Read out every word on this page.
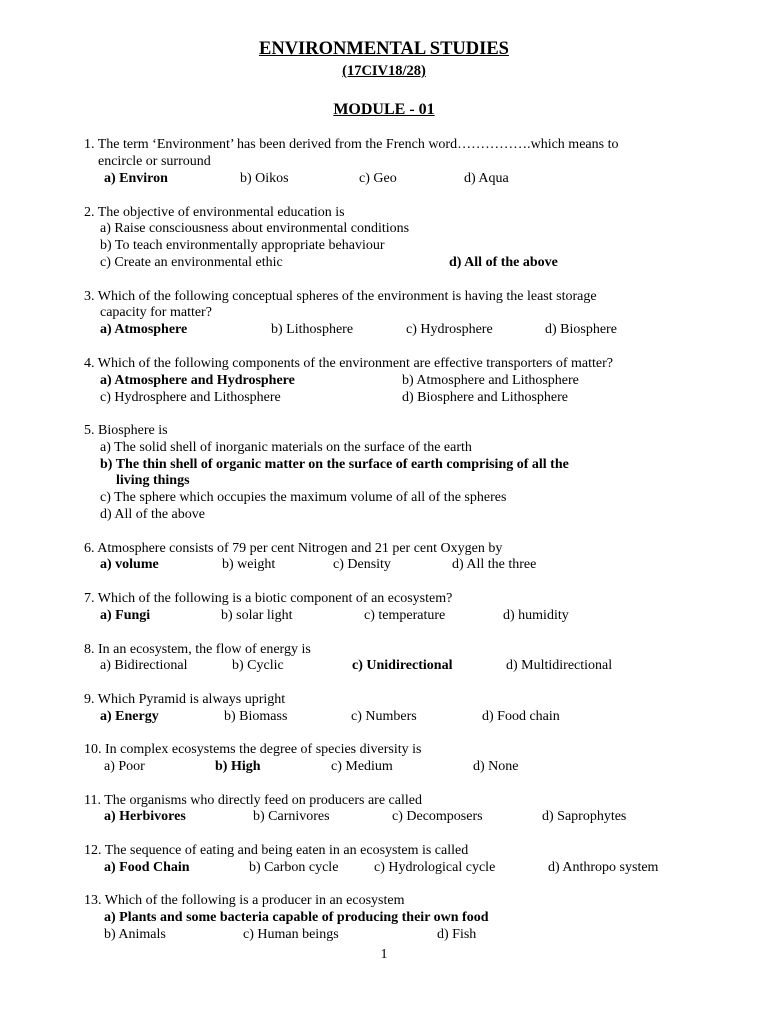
ENVIRONMENTAL STUDIES
(17CIV18/28)
MODULE - 01
1. The term ‘Environment’ has been derived from the French word…………….which means to
encircle or surround
a) Environ	b) Oikos	c) Geo	d) Aqua
2. The objective of environmental education is
a) Raise consciousness about environmental conditions
b) To teach environmentally appropriate behaviour
c) Create an environmental ethic	d) All of the above
3. Which of the following conceptual spheres of the environment is having the least storage
capacity for matter?
a) Atmosphere	b) Lithosphere	c) Hydrosphere	d) Biosphere
4. Which of the following components of the environment are effective transporters of matter?
a) Atmosphere and Hydrosphere	b) Atmosphere and Lithosphere
c) Hydrosphere and Lithosphere	d) Biosphere and Lithosphere
5. Biosphere is
a) The solid shell of inorganic materials on the surface of the earth
b) The thin shell of organic matter on the surface of earth comprising of all the
living things
c) The sphere which occupies the maximum volume of all of the spheres
d) All of the above
6. Atmosphere consists of 79 per cent Nitrogen and 21 per cent Oxygen by
a) volume	b) weight	c) Density	d) All the three
7. Which of the following is a biotic component of an ecosystem?
a) Fungi	b) solar light	c) temperature	d) humidity
8. In an ecosystem, the flow of energy is
a) Bidirectional	b) Cyclic	c) Unidirectional	d) Multidirectional
9. Which Pyramid is always upright
a) Energy	b) Biomass	c) Numbers	d) Food chain
10. In complex ecosystems the degree of species diversity is
a) Poor	b) High	c) Medium	d) None
11. The organisms who directly feed on producers are called
a) Herbivores	b) Carnivores	c) Decomposers	d) Saprophytes
12. The sequence of eating and being eaten in an ecosystem is called
a) Food Chain	b) Carbon cycle	c) Hydrological cycle	d) Anthropo system
13. Which of the following is a producer in an ecosystem
a) Plants and some bacteria capable of producing their own food
b) Animals	c) Human beings	d) Fish
1
